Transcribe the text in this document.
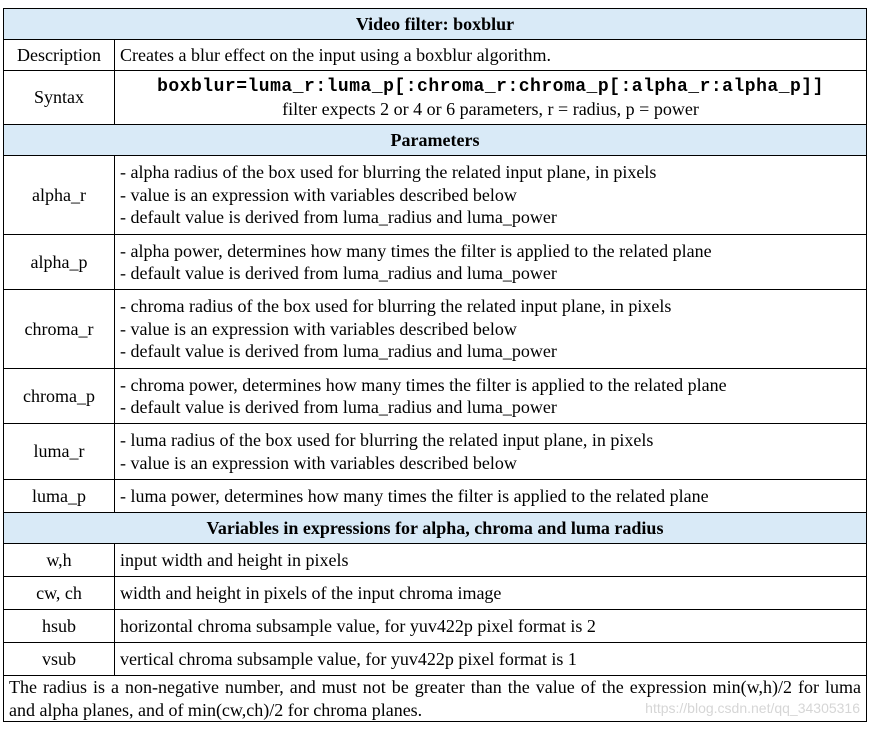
Video filter: boxblur	
Description	Creates a blur effect on the input using a boxblur algorithm.
Syntax	boxblur=luma_r:luma_p[:chroma_r:chroma_p[:alpha_r:alpha_p]]
filter expects 2 or 4 or 6 parameters, r = radius, p = power

Parameters	
alpha_r	- alpha radius of the box used for blurring the related input plane, in pixels
- value is an expression with variables described below
- default value is derived from luma_radius and luma_power

alpha_p	- alpha power, determines how many times the filter is applied to the related plane
- default value is derived from luma_radius and luma_power

chroma_r	- chroma radius of the box used for blurring the related input plane, in pixels
- value is an expression with variables described below
- default value is derived from luma_radius and luma_power

chroma_p	- chroma power, determines how many times the filter is applied to the related plane
- default value is derived from luma_radius and luma_power

luma_r	- luma radius of the box used for blurring the related input plane, in pixels
- value is an expression with variables described below

luma_p	- luma power, determines how many times the filter is applied to the related plane

Variables in expressions for alpha, chroma and luma radius	
w,h	input width and height in pixels
cw, ch	width and height in pixels of the input chroma image
hsub	horizontal chroma subsample value, for yuv422p pixel format is 2
vsub	vertical chroma subsample value, for yuv422p pixel format is 1
The radius is a non-negative number, and must not be greater than the value of the expression min(w,h)/2 for luma and alpha planes, and of min(cw,ch)/2 for chroma planes. https://blog.csdn.net/qq_34305316	
